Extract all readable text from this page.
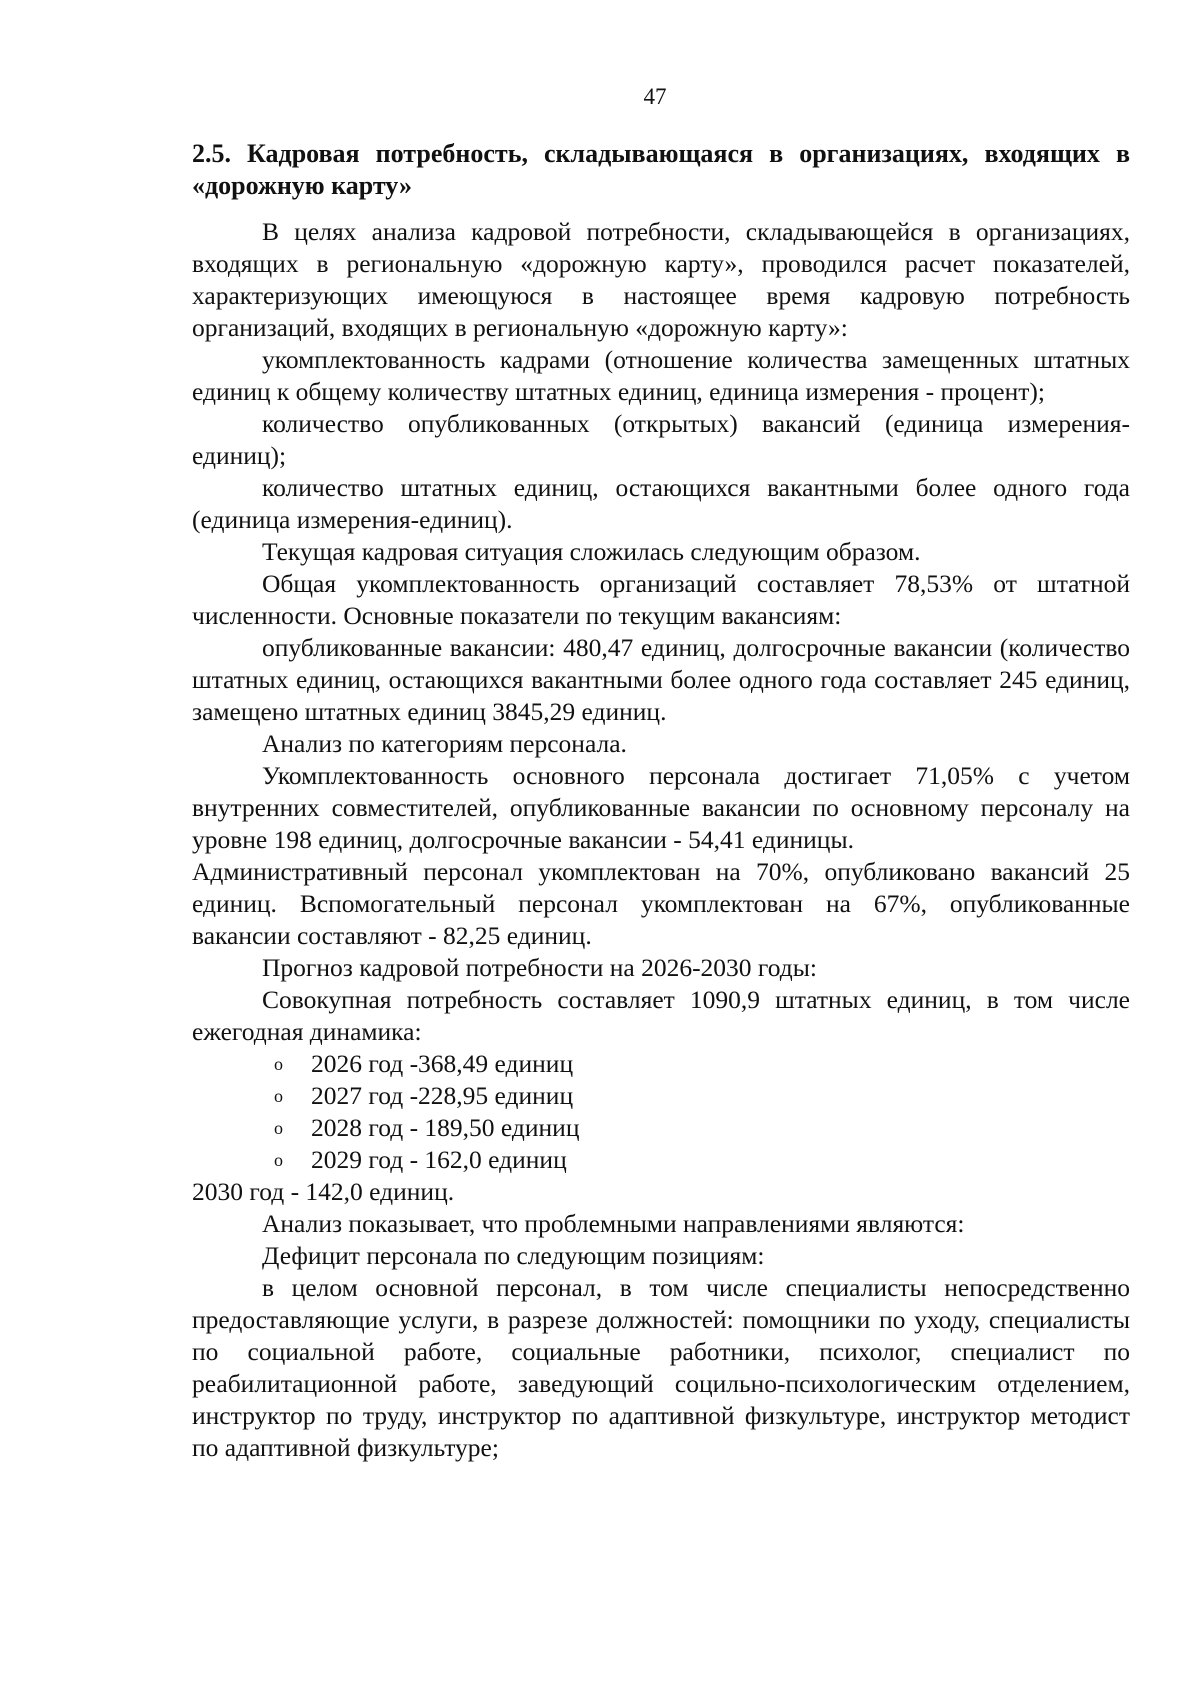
47
2.5. Кадровая потребность, складывающаяся в организациях, входящих в «дорожную карту»

В целях анализа кадровой потребности, складывающейся в организациях, входящих в региональную «дорожную карту», проводился расчет показателей, характеризующих имеющуюся в настоящее время кадровую потребность организаций, входящих в региональную «дорожную карту»:

укомплектованность кадрами (отношение количества замещенных штатных единиц к общему количеству штатных единиц, единица измерения - процент);

количество опубликованных (открытых) вакансий (единица измерения-единиц);

количество штатных единиц, остающихся вакантными более одного года (единица измерения-единиц).

Текущая кадровая ситуация сложилась следующим образом.

Общая укомплектованность организаций составляет 78,53% от штатной численности. Основные показатели по текущим вакансиям:

опубликованные вакансии: 480,47 единиц, долгосрочные вакансии (количество штатных единиц, остающихся вакантными более одного года составляет 245 единиц, замещено штатных единиц 3845,29 единиц.

Анализ по категориям персонала.

Укомплектованность основного персонала достигает 71,05% с учетом внутренних совместителей, опубликованные вакансии по основному персоналу на уровне 198 единиц, долгосрочные вакансии - 54,41 единицы.

Административный персонал укомплектован на 70%, опубликовано вакансий 25 единиц. Вспомогательный персонал укомплектован на 67%, опубликованные вакансии составляют - 82,25 единиц.

Прогноз кадровой потребности на 2026-2030 годы:

Совокупная потребность составляет 1090,9 штатных единиц, в том числе ежегодная динамика:

o 2026 год -368,49 единиц
o 2027 год -228,95 единиц
o 2028 год - 189,50 единиц
o 2029 год - 162,0 единиц

2030 год - 142,0 единиц.

Анализ показывает, что проблемными направлениями являются:

Дефицит персонала по следующим позициям:

в целом основной персонал, в том числе специалисты непосредственно предоставляющие услуги, в разрезе должностей: помощники по уходу, специалисты по социальной работе, социальные работники, психолог, специалист по реабилитационной работе, заведующий социльно-психологическим отделением, инструктор по труду, инструктор по адаптивной физкультуре, инструктор методист по адаптивной физкультуре;
